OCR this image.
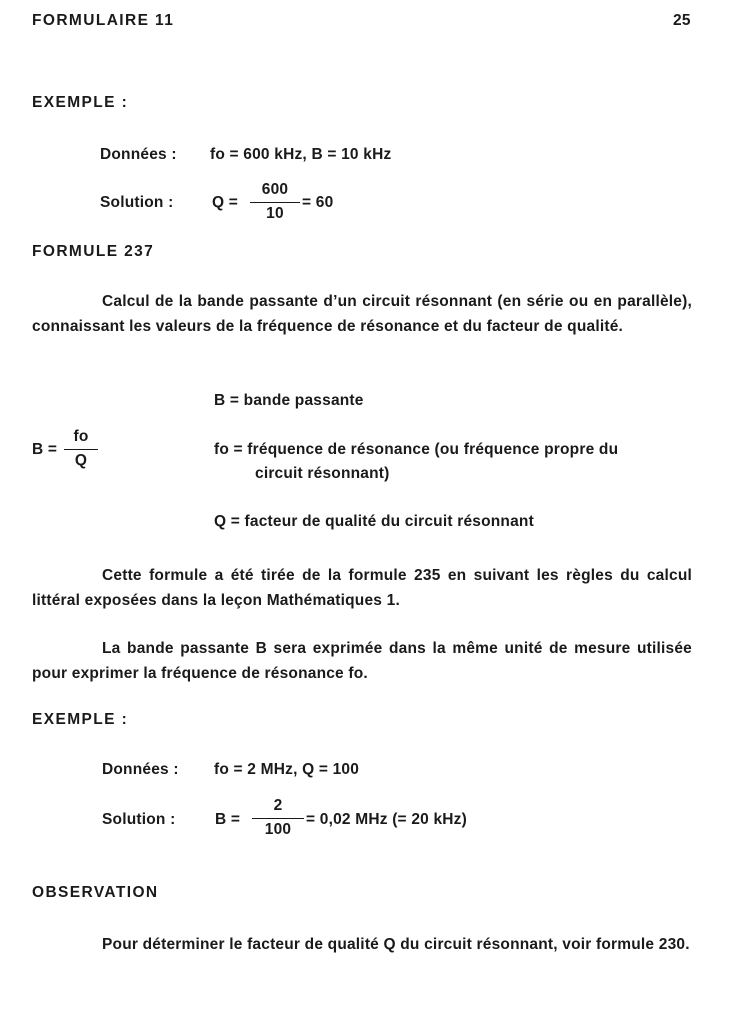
FORMULAIRE 11	25
EXEMPLE :
Données : fo = 600 kHz, B = 10 kHz
Solution : Q =
600
10
= 60
FORMULE 237
Calcul de la bande passante d’un circuit résonnant (en série ou en parallèle), connaissant les valeurs de la fréquence de résonance et du facteur de qualité.
B = bande passante
B =
fo
Q
fo = fréquence de résonance (ou fréquence propre du
circuit résonnant)
Q = facteur de qualité du circuit résonnant
Cette formule a été tirée de la formule 235 en suivant les règles du calcul littéral exposées dans la leçon Mathématiques 1.
La bande passante B sera exprimée dans la même unité de mesure utilisée pour exprimer la fréquence de résonance fo.
EXEMPLE :
Données : fo = 2 MHz, Q = 100
Solution :	B =
2
100
= 0,02 MHz (= 20 kHz)
OBSERVATION
Pour déterminer le facteur de qualité Q du circuit résonnant, voir formule 230.
